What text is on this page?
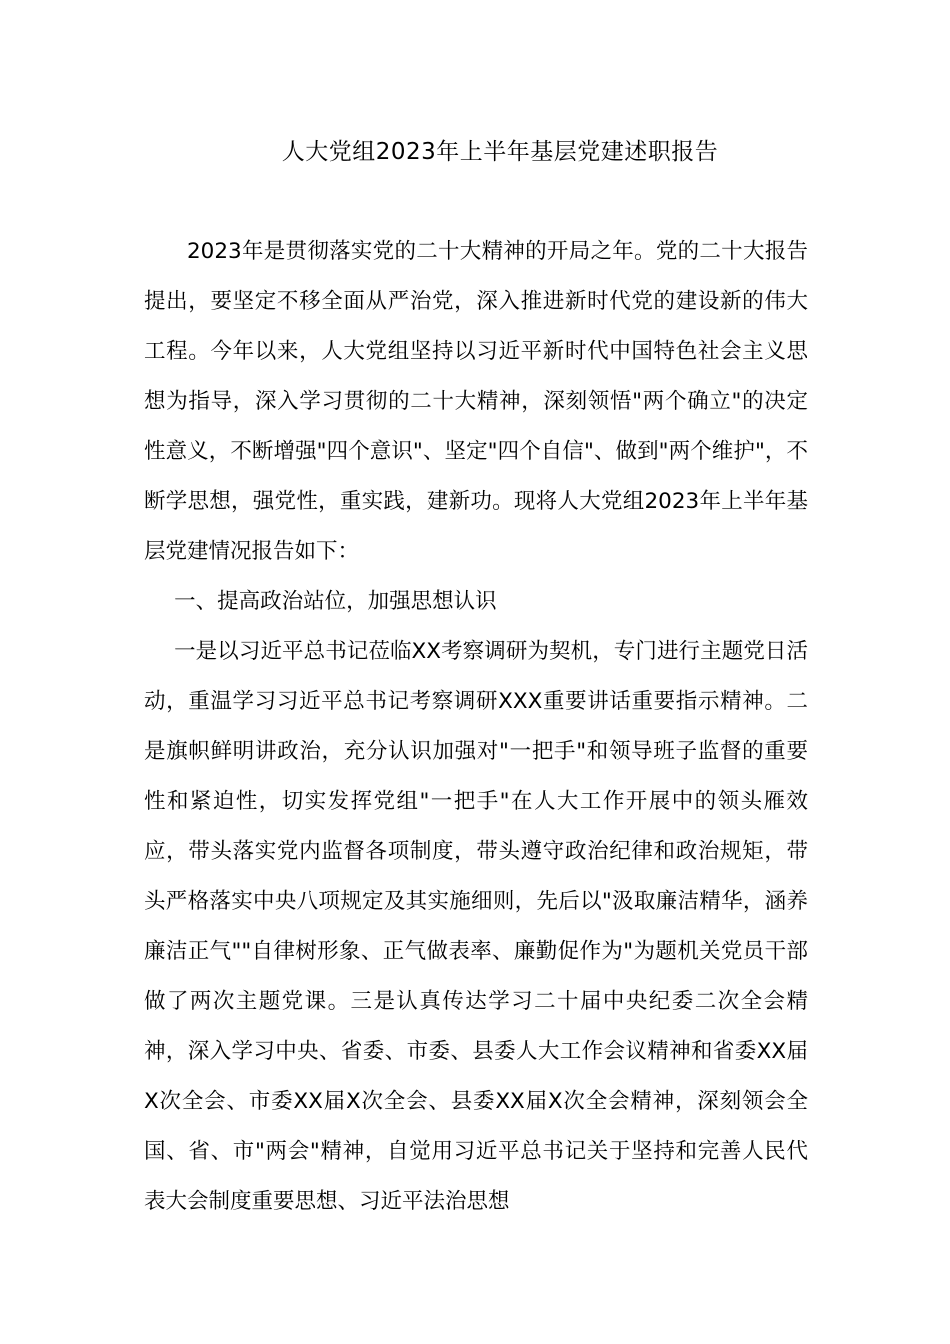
人大党组2023年上半年基层党建述职报告

2023年是贯彻落实党的二十大精神的开局之年。党的二十大报告提出，要坚定不移全面从严治党，深入推进新时代党的建设新的伟大工程。今年以来，人大党组坚持以习近平新时代中国特色社会主义思想为指导，深入学习贯彻的二十大精神，深刻领悟"两个确立"的决定性意义，不断增强"四个意识"、坚定"四个自信"、做到"两个维护"，不断学思想，强党性，重实践，建新功。现将人大党组2023年上半年基层党建情况报告如下：

一、提高政治站位，加强思想认识

一是以习近平总书记莅临XX考察调研为契机，专门进行主题党日活动，重温学习习近平总书记考察调研XXX重要讲话重要指示精神。二是旗帜鲜明讲政治，充分认识加强对"一把手"和领导班子监督的重要性和紧迫性，切实发挥党组"一把手"在人大工作开展中的领头雁效应，带头落实党内监督各项制度，带头遵守政治纪律和政治规矩，带头严格落实中央八项规定及其实施细则，先后以"汲取廉洁精华，涵养廉洁正气""自律树形象、正气做表率、廉勤促作为"为题机关党员干部做了两次主题党课。三是认真传达学习二十届中央纪委二次全会精神，深入学习中央、省委、市委、县委人大工作会议精神和省委XX届X次全会、市委XX届X次全会、县委XX届X次全会精神，深刻领会全国、省、市"两会"精神，自觉用习近平总书记关于坚持和完善人民代表大会制度重要思想、习近平法治思想
